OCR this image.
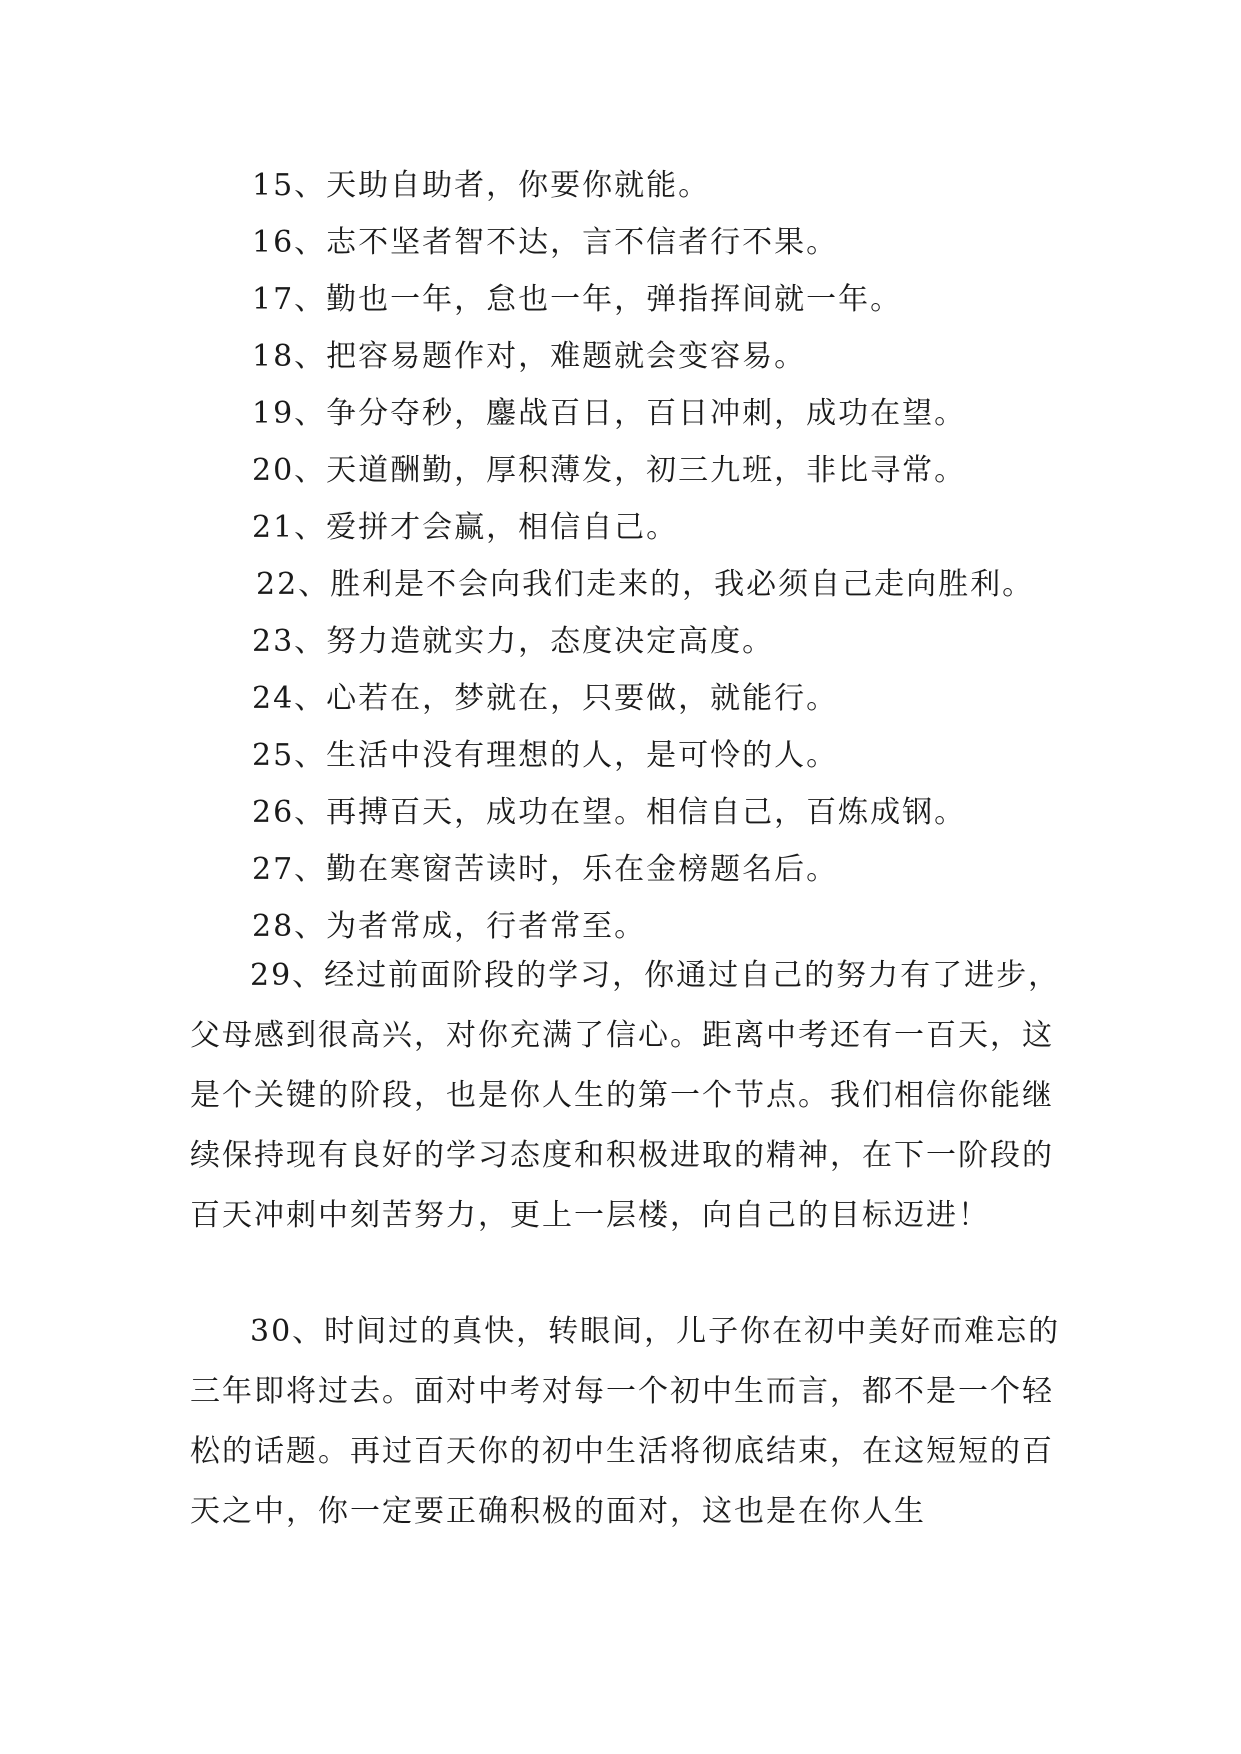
15、天助自助者，你要你就能。
16、志不坚者智不达，言不信者行不果。
17、勤也一年，怠也一年，弹指挥间就一年。
18、把容易题作对，难题就会变容易。
19、争分夺秒，鏖战百日，百日冲刺，成功在望。
20、天道酬勤，厚积薄发，初三九班，非比寻常。
21、爱拼才会赢，相信自己。
22、胜利是不会向我们走来的，我必须自己走向胜利。
23、努力造就实力，态度决定高度。
24、心若在，梦就在，只要做，就能行。
25、生活中没有理想的人，是可怜的人。
26、再搏百天，成功在望。相信自己，百炼成钢。
27、勤在寒窗苦读时，乐在金榜题名后。
28、为者常成，行者常至。

29、经过前面阶段的学习，你通过自己的努力有了进步，父母感到很高兴，对你充满了信心。距离中考还有一百天，这是个关键的阶段，也是你人生的第一个节点。我们相信你能继续保持现有良好的学习态度和积极进取的精神，在下一阶段的百天冲刺中刻苦努力，更上一层楼，向自己的目标迈进！

30、时间过的真快，转眼间，儿子你在初中美好而难忘的三年即将过去。面对中考对每一个初中生而言，都不是一个轻松的话题。再过百天你的初中生活将彻底结束，在这短短的百天之中，你一定要正确积极的面对，这也是在你人生
